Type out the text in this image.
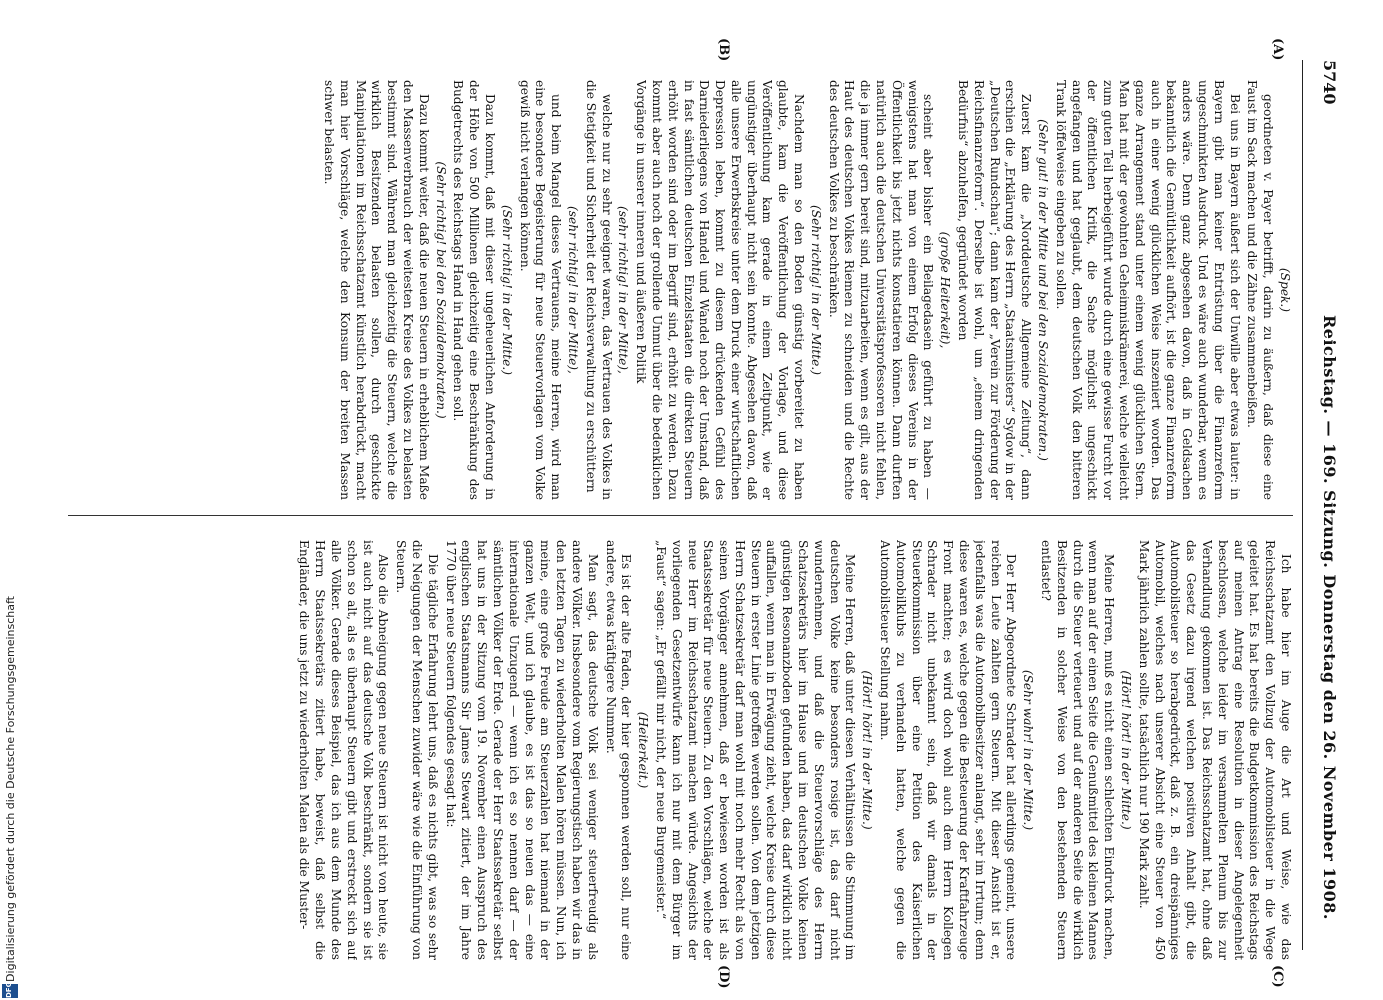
5740
Reichstag. — 169. Sitzung. Donnerstag den 26. November 1908.
(A)
(B)
(C)
(D)

(Spek.)

geordneten v. Payer betrifft, darin zu äußern, daß diese eine Faust im Sack machen und die Zähne zusammenbeißen.

Bei uns in Bayern äußert sich der Unwille aber etwas lauter: in Bayern gibt man keiner Entrüstung über die Finanzreform ungeschminkten Ausdruck. Und es wäre auch wunderbar, wenn es anders wäre. Denn ganz abgesehen davon, daß in Geldsachen bekanntlich die Gemütlichkeit aufhört, ist die ganze Finanzreform auch in einer wenig glücklichen Weise inszeniert worden. Das ganze Arrangement stand unter einem wenig glücklichen Stern. Man hat mit der gewohnten Geheimniskrämerei, welche vielleicht zum guten Teil herbeigeführt wurde durch eine gewisse Furcht vor der öffentlichen Kritik, die Sache möglichst ungeschickt angefangen und hat geglaubt, dem deutschen Volk den bitteren Trank löffelweise eingeben zu sollen.

(Sehr gut! in der Mitte und bei den Sozialdemokraten.)

Zuerst kam die „Norddeutsche Allgemeine Zeitung“, dann erschien die „Erklärung des Herrn „Staatsministers“ Sydow in der „Deutschen Rundschau“; dann kam der „Verein zur Förderung der Reichsfinanzreform“. Derselbe ist wohl, um „einem dringenden Bedürfnis“ abzuhelfen, gegründet worden

(große Heiterkeit),

scheint aber bisher ein Beilagedasein geführt zu haben — wenigstens hat man von einem Erfolg dieses Vereins in der Öffentlichkeit bis jetzt nichts konstatieren können. Dann durften natürlich auch die deutschen Universitätsprofessoren nicht fehlen, die ja immer gern bereit sind, mitzuarbeiten, wenn es gilt, aus der Haut des deutschen Volkes Riemen zu schneiden und die Rechte des deutschen Volkes zu beschränken.

(Sehr richtig! in der Mitte.)

Nachdem man so den Boden günstig vorbereitet zu haben glaubte, kam die Veröffentlichung der Vorlage, und diese Veröffentlichung kam gerade in einem Zeitpunkt, wie er ungünstiger überhaupt nicht sein konnte. Abgesehen davon, daß alle unsere Erwerbskreise unter dem Druck einer wirtschaftlichen Depression leben, kommt zu diesem drückenden Gefühl des Darniederliegens von Handel und Wandel noch der Umstand, daß in fast sämtlichen deutschen Einzelstaaten die direkten Steuern erhöht worden sind oder im Begriff sind, erhöht zu werden. Dazu kommt aber auch noch der grollende Unmut über die bedenklichen Vorgänge in unserer inneren und äußeren Politik

(sehr richtig! in der Mitte),

welche nur zu sehr geeignet waren, das Vertrauen des Volkes in die Stetigkeit und Sicherheit der Reichsverwaltung zu erschüttern

(sehr richtig! in der Mitte),

und beim Mangel dieses Vertrauens, meine Herren, wird man eine besondere Begeisterung für neue Steuervorlagen vom Volke gewiß nicht verlangen können.

(Sehr richtig! in der Mitte.)

Dazu kommt, daß mit dieser ungeheuerlichen Anforderung in der Höhe von 500 Millionen gleichzeitig eine Beschränkung des Budgetrechts des Reichstags Hand in Hand gehen soll.

(Sehr richtig! bei den Sozialdemokraten.)

Dazu kommt weiter, daß die neuen Steuern in erheblichem Maße den Massenverbrauch der weitesten Kreise des Volkes zu belasten bestimmt sind. Während man gleichzeitig die Steuern, welche die wirklich Besitzenden belasten sollen, durch geschickte Manipulationen im Reichsschatzamt künstlich herabdrückt, macht man hier Vorschläge, welche den Konsum der breiten Massen schwer belasten.

Ich habe hier im Auge die Art und Weise, wie das Reichsschatzamt den Vollzug der Automobilsteuer in die Wege geleitet hat. Es hat bereits die Budgetkommission des Reichstags auf meinen Antrag eine Resolution in dieser Angelegenheit beschlossen, welche leider im versammelten Plenum bis zur Verhandlung gekommen ist. Das Reichsschatzamt hat, ohne daß das Gesetz dazu irgend welchen positiven Anhalt gibt, die Automobilsteuer so herabgedrückt, daß z. B. ein dreispänniges Automobil, welches nach unserer Absicht eine Steuer von 450 Mark jährlich zahlen sollte, tatsächlich nur 190 Mark zahlt.

(Hört! hört! in der Mitte.)

Meine Herren, muß es nicht einen schlechten Eindruck machen, wenn man auf der einen Seite die Genußmittel des kleinen Mannes durch die Steuer verteuert und auf der anderen Seite die wirklich Besitzenden in solcher Weise von den bestehenden Steuern entlastet?

(Sehr wahr! in der Mitte.)

Der Herr Abgeordnete Schrader hat allerdings gemeint, unsere reichen Leute zahlten gern Steuern. Mit dieser Ansicht ist er, jedenfalls was die Automobilbesitzer anlangt, sehr im Irrtum; denn diese waren es, welche gegen die Besteuerung der Kraftfahrzeuge Front machten; es wird doch wohl auch dem Herrn Kollegen Schrader nicht unbekannt sein, daß wir damals in der Steuerkommission über eine Petition des Kaiserlichen Automobilklubs zu verhandeln hatten, welche gegen die Automobilsteuer Stellung nahm.

(Hört! hört! in der Mitte.)

Meine Herren, daß unter diesen Verhältnissen die Stimmung im deutschen Volke keine besonders rosige ist, das darf nicht wundernehmen, und daß die Steuervorschläge des Herrn Schatzsekretärs hier im Hause und im deutschen Volke keinen günstigen Resonanzboden gefunden haben, das darf wirklich nicht auffallen, wenn man in Erwägung zieht, welche Kreise durch diese Steuern in erster Linie getroffen werden sollen. Von dem jetzigen Herrn Schatzsekretär darf man wohl mit noch mehr Recht als von seinen Vorgänger annehmen, daß er bewiesen worden ist als Staatssekretär für neue Steuern. Zu den Vorschlägen, welche der neue Herr im Reichsschatzamt machen würde. Angesichts der vorliegenden Gesetzentwürfe kann ich nur mit dem Bürger im „Faust“ sagen: „Er gefällt mir nicht, der neue Burgemeister.“

(Heiterkeit.)

Es ist der alte Faden, der hier gesponnen werden soll, nur eine andere, etwas kräftigere Nummer.

Man sagt, das deutsche Volk sei weniger steuerfreudig als andere Völker. Insbesondere vom Regierungstisch haben wir das in den letzten Tagen zu wiederholten Malen hören müssen. Nun, ich meine, eine große Freude am Steuerzahlen hat niemand in der ganzen Welt, und ich glaube, es ist das so neuen das — eine internationale Unzugend — wenn ich es so nennen darf — der sämtlichen Völker der Erde. Gerade der Herr Staatssekretär selbst hat uns in der Sitzung vom 19. November einen Ausspruch des englischen Staatsmanns Sir James Stewart zitiert, der im Jahre 1770 über neue Steuern folgendes gesagt hat:

Die tägliche Erfahrung lehrt uns, daß es nichts gibt, was so sehr die Neigungen der Menschen zuwider wäre wie die Einführung von Steuern.

Also die Abneigung gegen neue Steuern ist nicht von heute, sie ist auch nicht auf das deutsche Volk beschränkt, sondern sie ist schon so alt, als es überhaupt Steuern gibt und erstreckt sich auf alle Völker. Gerade dieses Beispiel, das ich aus dem Munde des Herrn Staatssekretärs zitiert habe, beweist, daß selbst die Engländer, die uns jetzt zu wiederholten Malen als die Muster-

Digitalisierung gefördert durch die Deutsche Forschungsgemeinschaft
DFG
